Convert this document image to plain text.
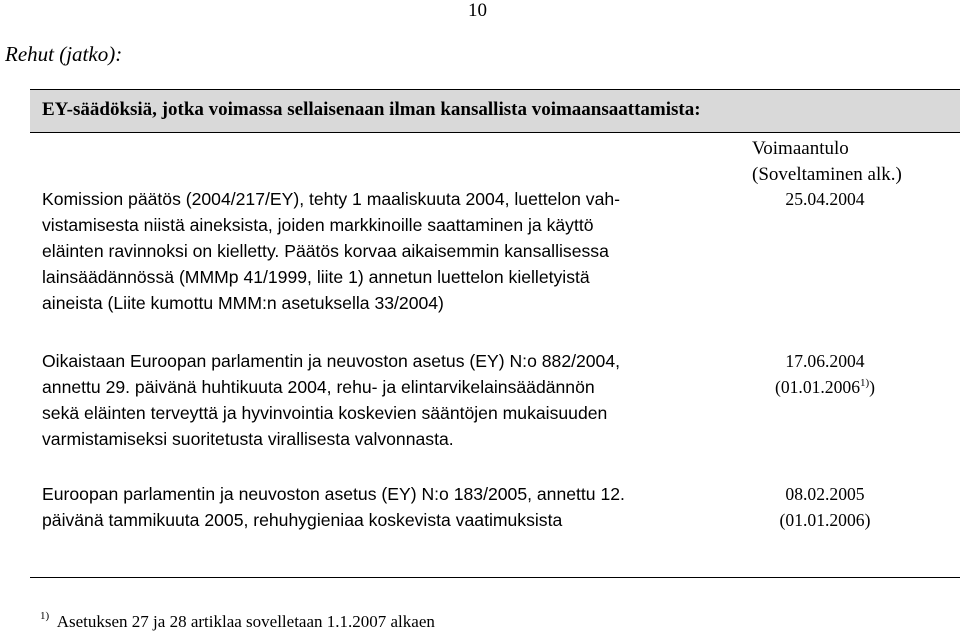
10
Rehut (jatko):
EY-säädöksiä, jotka voimassa sellaisenaan ilman kansallista voimaansaattamista:
Voimaantulo
(Soveltaminen alk.)
Komission päätös (2004/217/EY), tehty 1 maaliskuuta 2004, luettelon vah-
vistamisesta niistä aineksista, joiden markkinoille saattaminen ja käyttö
eläinten ravinnoksi on kielletty. Päätös korvaa aikaisemmin kansallisessa
lainsäädännössä (MMMp 41/1999, liite 1) annetun luettelon kielletyistä
aineista (Liite kumottu MMM:n asetuksella 33/2004)
25.04.2004
Oikaistaan Euroopan parlamentin ja neuvoston asetus (EY) N:o 882/2004,
annettu 29. päivänä huhtikuuta 2004, rehu- ja elintarvikelainsäädännön
sekä eläinten terveyttä ja hyvinvointia koskevien sääntöjen mukaisuuden
varmistamiseksi suoritetusta virallisesta valvonnasta.
17.06.2004
(01.01.2006$^{1)}$)
Euroopan parlamentin ja neuvoston asetus (EY) N:o 183/2005, annettu 12.
päivänä tammikuuta 2005, rehuhygieniaa koskevista vaatimuksista
08.02.2005
(01.01.2006)
$^{1)}$ Asetuksen 27 ja 28 artiklaa sovelletaan 1.1.2007 alkaen
